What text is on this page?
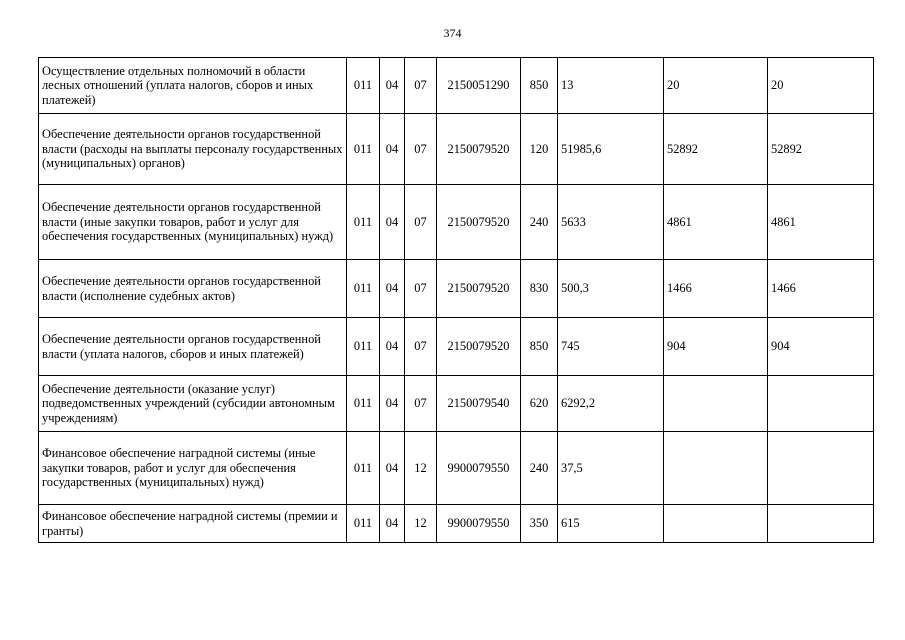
374
Осуществление отдельных полномочий в области лесных отношений (уплата налогов, сборов и иных платежей)	011	04	07	2150051290	850	13	20	20
Обеспечение деятельности органов государственной власти (расходы на выплаты персоналу государственных (муниципальных) органов)	011	04	07	2150079520	120	51985,6	52892	52892
Обеспечение деятельности органов государственной власти (иные закупки товаров, работ и услуг для обеспечения государственных (муниципальных) нужд)	011	04	07	2150079520	240	5633	4861	4861
Обеспечение деятельности органов государственной власти (исполнение судебных актов)	011	04	07	2150079520	830	500,3	1466	1466
Обеспечение деятельности органов государственной власти (уплата налогов, сборов и иных платежей)	011	04	07	2150079520	850	745	904	904
Обеспечение деятельности (оказание услуг) подведомственных учреждений (субсидии автономным учреждениям)	011	04	07	2150079540	620	6292,2		
Финансовое обеспечение наградной системы (иные закупки товаров, работ и услуг для обеспечения государственных (муниципальных) нужд)	011	04	12	9900079550	240	37,5		
Финансовое обеспечение наградной системы (премии и гранты)	011	04	12	9900079550	350	615		
